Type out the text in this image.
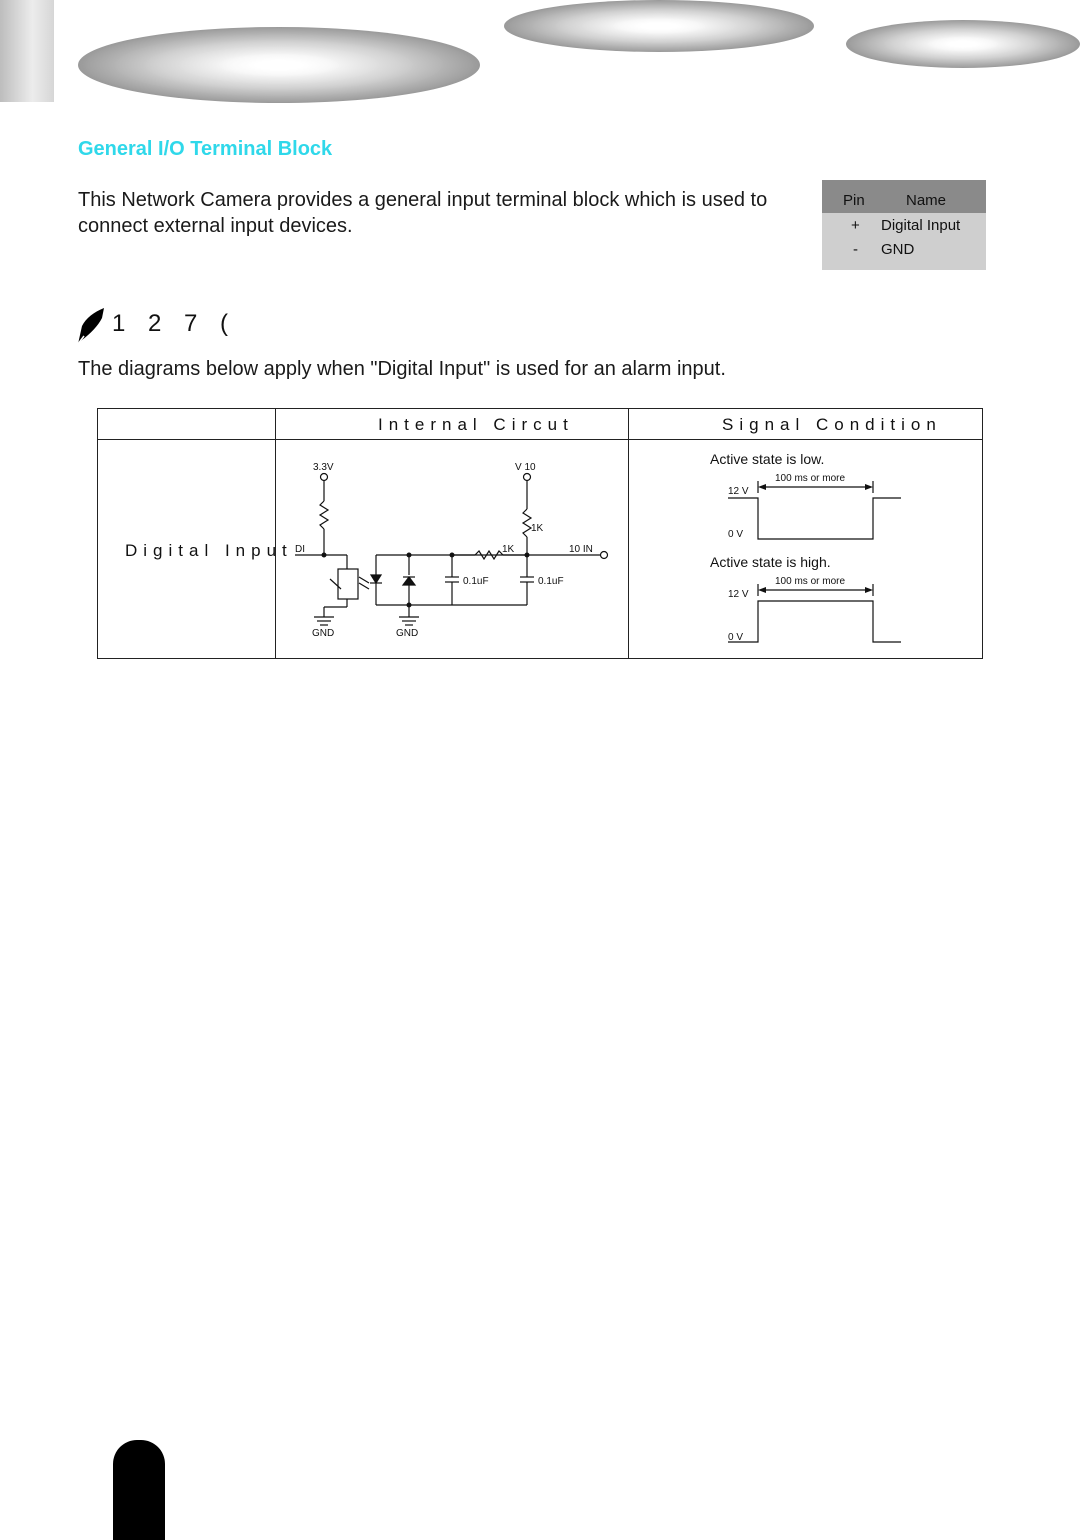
General I/O Terminal Block
This Network Camera provides a general input terminal block which is used to connect external input devices.
Pin	Name
+ Digital Input
- GND
1 2 7 (
The diagrams below apply when "Digital Input" is used for an alarm input.
Internal Circut	Signal Condition
Digital Input
3.3V	V 10
1K
1K	10 IN
DI
0.1uF	0.1uF
GND	GND
Active state is low.
100 ms or more
12 V
0 V
Active state is high.
100 ms or more
12 V
0 V
